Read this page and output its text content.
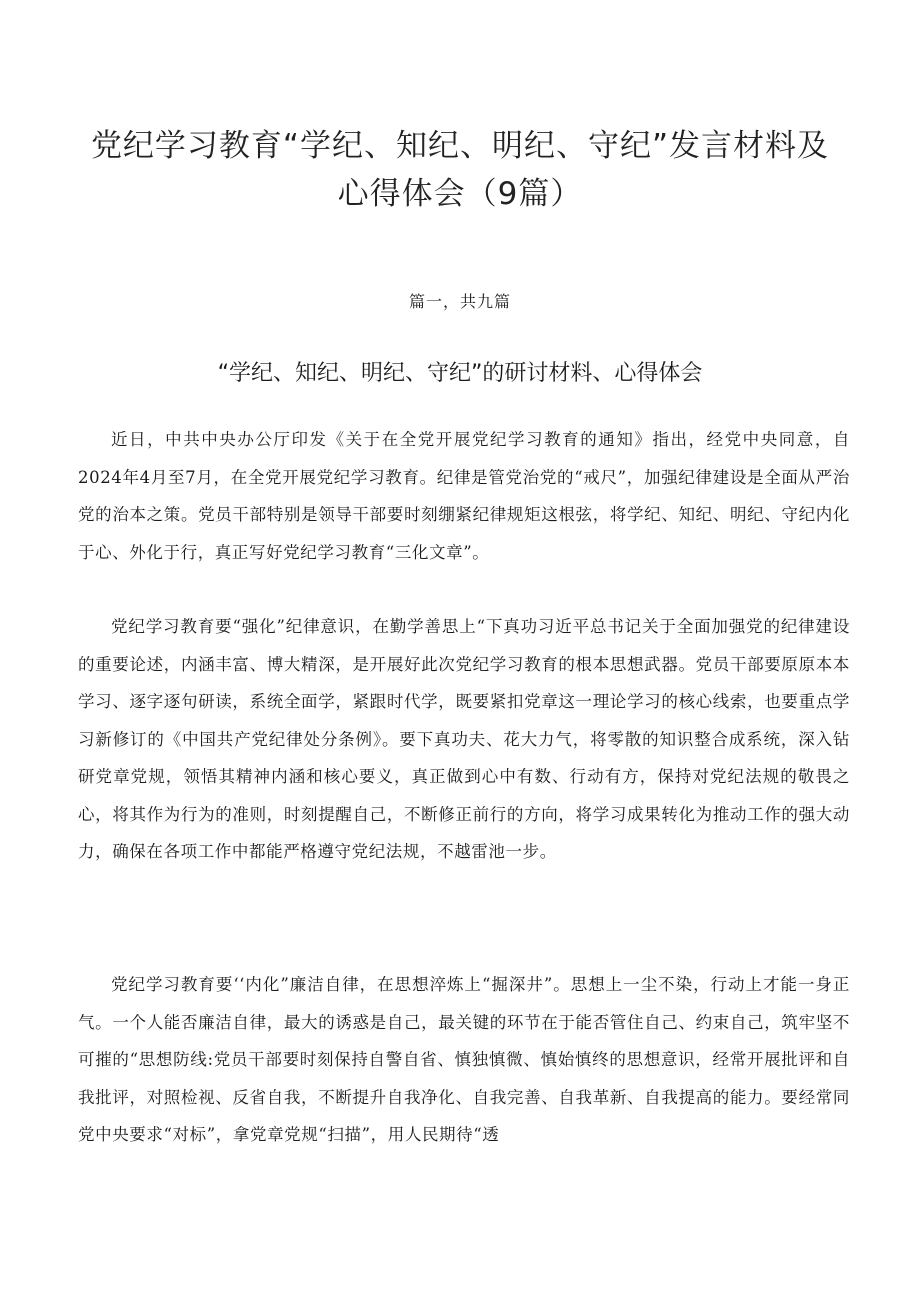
党纪学习教育“学纪、知纪、明纪、守纪”发言材料及心得体会（9篇）
篇一，共九篇
“学纪、知纪、明纪、守纪”的研讨材料、心得体会

近日，中共中央办公厅印发《关于在全党开展党纪学习教育的通知》指出，经党中央同意，自2024年4月至7月，在全党开展党纪学习教育。纪律是管党治党的“戒尺”，加强纪律建设是全面从严治党的治本之策。党员干部特别是领导干部要时刻绷紧纪律规矩这根弦，将学纪、知纪、明纪、守纪内化于心、外化于行，真正写好党纪学习教育“三化文章”。

党纪学习教育要“强化”纪律意识，在勤学善思上“下真功习近平总书记关于全面加强党的纪律建设的重要论述，内涵丰富、博大精深，是开展好此次党纪学习教育的根本思想武器。党员干部要原原本本学习、逐字逐句研读，系统全面学，紧跟时代学，既要紧扣党章这一理论学习的核心线索，也要重点学习新修订的《中国共产党纪律处分条例》。要下真功夫、花大力气，将零散的知识整合成系统，深入钻研党章党规，领悟其精神内涵和核心要义，真正做到心中有数、行动有方，保持对党纪法规的敬畏之心，将其作为行为的准则，时刻提醒自己，不断修正前行的方向，将学习成果转化为推动工作的强大动力，确保在各项工作中都能严格遵守党纪法规，不越雷池一步。

党纪学习教育要‘‘内化”廉洁自律，在思想淬炼上“掘深井”。思想上一尘不染，行动上才能一身正气。一个人能否廉洁自律，最大的诱惑是自己，最关键的环节在于能否管住自己、约束自己，筑牢坚不可摧的“思想防线:党员干部要时刻保持自警自省、慎独慎微、慎始慎终的思想意识，经常开展批评和自我批评，对照检视、反省自我，不断提升自我净化、自我完善、自我革新、自我提高的能力。要经常同党中央要求“对标”，拿党章党规“扫描”，用人民期待“透
